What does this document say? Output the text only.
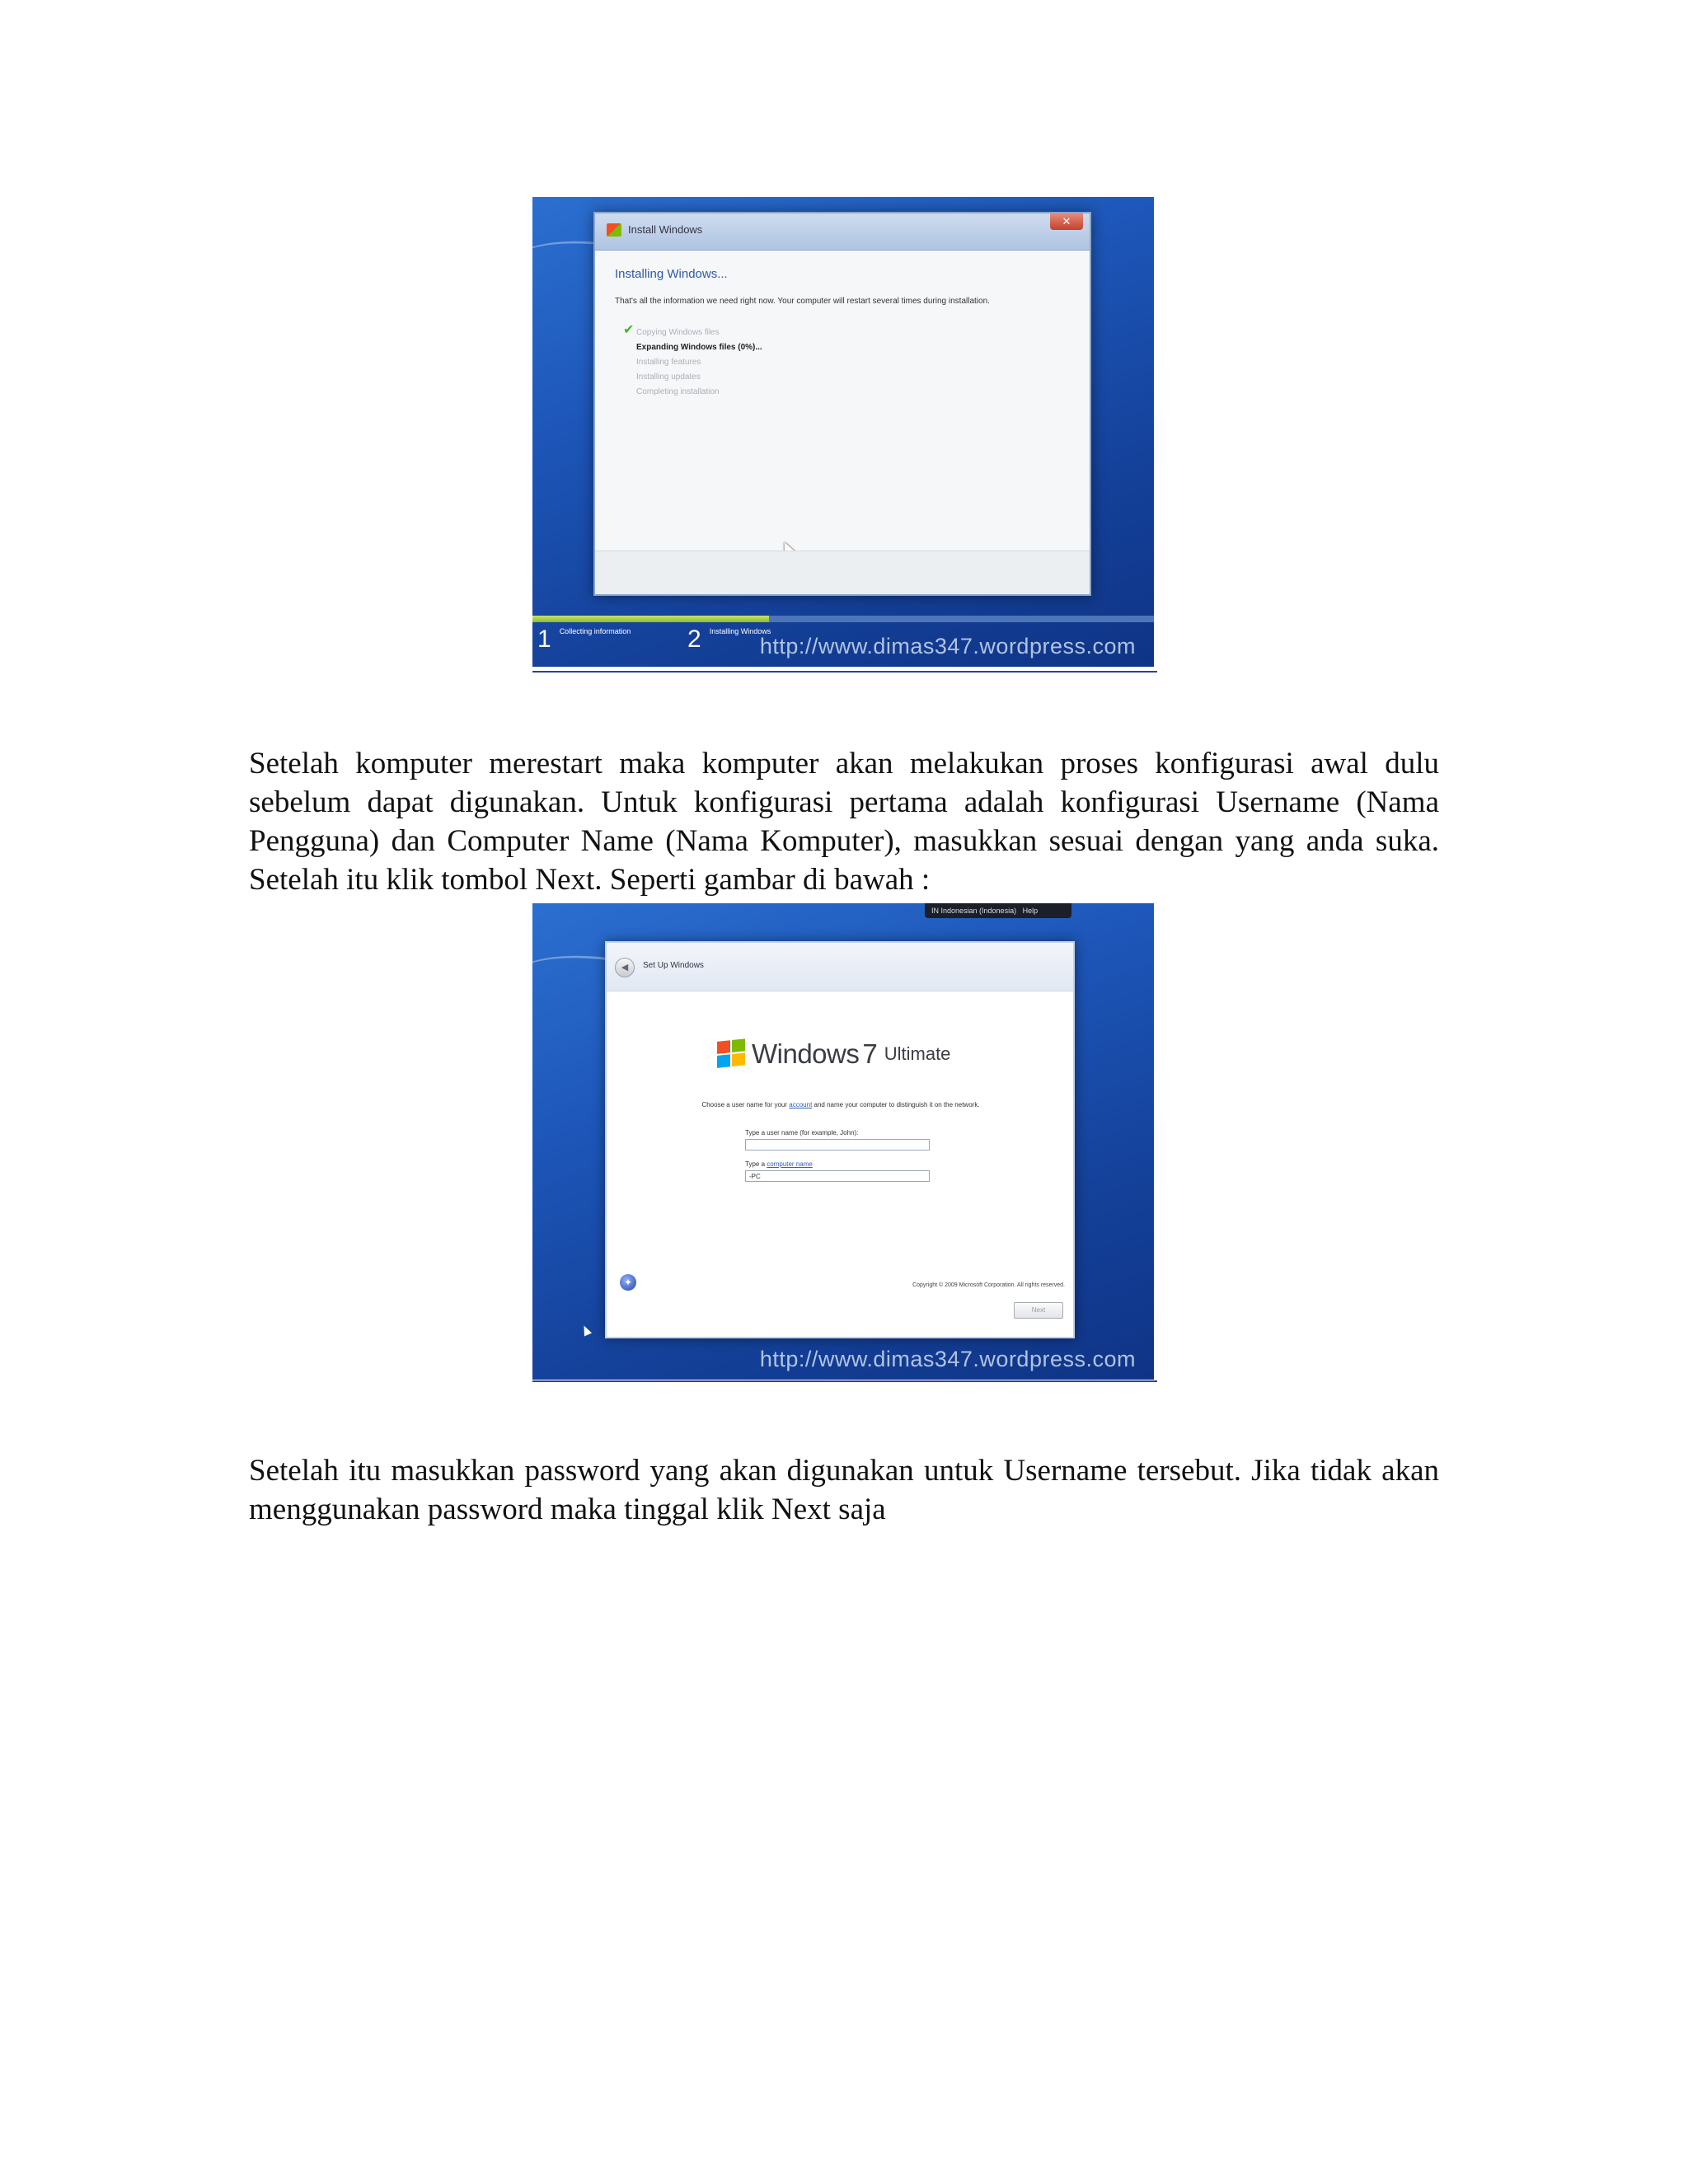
Install Windows
✕
Installing Windows...
That's all the information we need right now. Your computer will restart several times during installation.
✔ Copying Windows files
Expanding Windows files (0%)...
Installing features
Installing updates
Completing installation
1 Collecting information 2 Installing Windows
http://www.dimas347.wordpress.com

Setelah komputer merestart maka komputer akan melakukan proses konfigurasi awal dulu sebelum dapat digunakan. Untuk konfigurasi pertama adalah konfigurasi Username (Nama Pengguna) dan Computer Name (Nama Komputer), masukkan sesuai dengan yang anda suka. Setelah itu klik tombol Next. Seperti gambar di bawah :

IN Indonesian (Indonesia) Help
◀	Set Up Windows
Windows 7 Ultimate
Choose a user name for your account and name your computer to distinguish it on the network.
Type a user name (for example, John):
Type a computer name
-PC
✦	Copyright © 2009 Microsoft Corporation. All rights reserved.
Next
http://www.dimas347.wordpress.com

Setelah itu masukkan password yang akan digunakan untuk Username tersebut. Jika tidak akan menggunakan password maka tinggal klik Next saja
